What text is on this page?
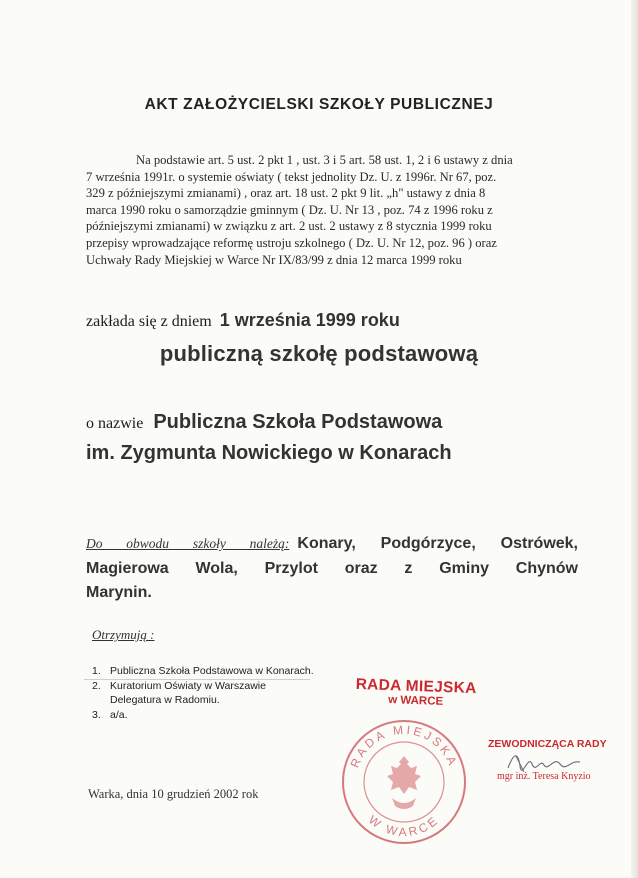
AKT ZAŁOŻYCIELSKI SZKOŁY PUBLICZNEJ
Na podstawie art. 5 ust. 2 pkt 1 , ust. 3 i 5 art. 58 ust. 1, 2 i 6 ustawy z dnia
7 września 1991r. o systemie oświaty ( tekst jednolity Dz. U. z 1996r. Nr 67, poz.
329 z późniejszymi zmianami) , oraz art. 18 ust. 2 pkt 9 lit. „h" ustawy z dnia 8
marca 1990 roku o samorządzie gminnym ( Dz. U. Nr 13 , poz. 74 z 1996 roku z
późniejszymi zmianami) w związku z art. 2 ust. 2 ustawy z 8 stycznia 1999 roku
przepisy wprowadzające reformę ustroju szkolnego ( Dz. U. Nr 12, poz. 96 ) oraz
Uchwały Rady Miejskiej w Warce Nr IX/83/99 z dnia 12 marca 1999 roku
zakłada się z dniem 1 września 1999 roku
publiczną szkołę podstawową
o nazwie Publiczna Szkoła Podstawowa
im. Zygmunta Nowickiego w Konarach
Do obwodu szkoły należą: Konary, Podgórzyce, Ostrówek,
Magierowa Wola, Przylot oraz z Gminy Chynów
Marynin.
Otrzymują :
1. Publiczna Szkoła Podstawowa w Konarach.
2. Kuratorium Oświaty w Warszawie
Delegatura w Radomiu.
3. a/a.
Warka, dnia 10 grudzień 2002 rok
RADA MIEJSKA
w WARCE
RADA MIEJSKA
W WARCE
ZEWODNICZĄCA RADY
mgr inż. Teresa Knyzio
